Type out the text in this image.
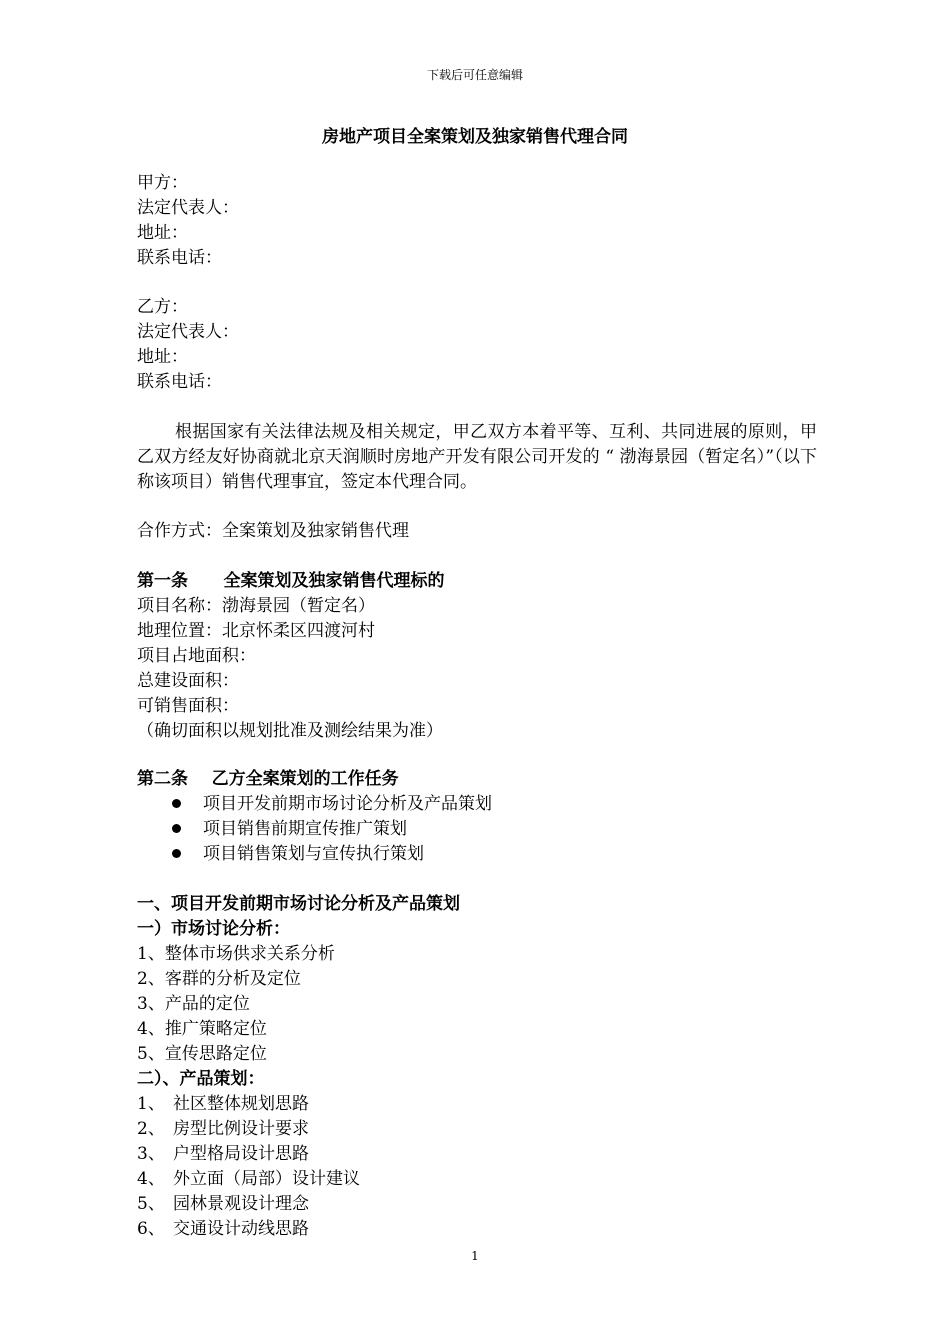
下载后可任意编辑
房地产项目全案策划及独家销售代理合同
甲方：
法定代表人：
地址：
联系电话：
乙方：
法定代表人：
地址：
联系电话：
根据国家有关法律法规及相关规定，甲乙双方本着平等、互利、共同进展的原则，甲乙双方经友好协商就北京天润顺时房地产开发有限公司开发的 “ 渤海景园（暂定名）”（以下称该项目）销售代理事宜，签定本代理合同。
合作方式：全案策划及独家销售代理
第一条      全案策划及独家销售代理标的
项目名称：渤海景园（暂定名）
地理位置：北京怀柔区四渡河村
项目占地面积：
总建设面积：
可销售面积：
（确切面积以规划批准及测绘结果为准）
第二条    乙方全案策划的工作任务
项目开发前期市场讨论分析及产品策划
项目销售前期宣传推广策划
项目销售策划与宣传执行策划
一、项目开发前期市场讨论分析及产品策划
一）市场讨论分析：
1、整体市场供求关系分析
2、客群的分析及定位
3、产品的定位
4、推广策略定位
5、宣传思路定位
二）、产品策划：
1、 社区整体规划思路
2、 房型比例设计要求
3、 户型格局设计思路
4、 外立面（局部）设计建议
5、 园林景观设计理念
6、 交通设计动线思路
1
